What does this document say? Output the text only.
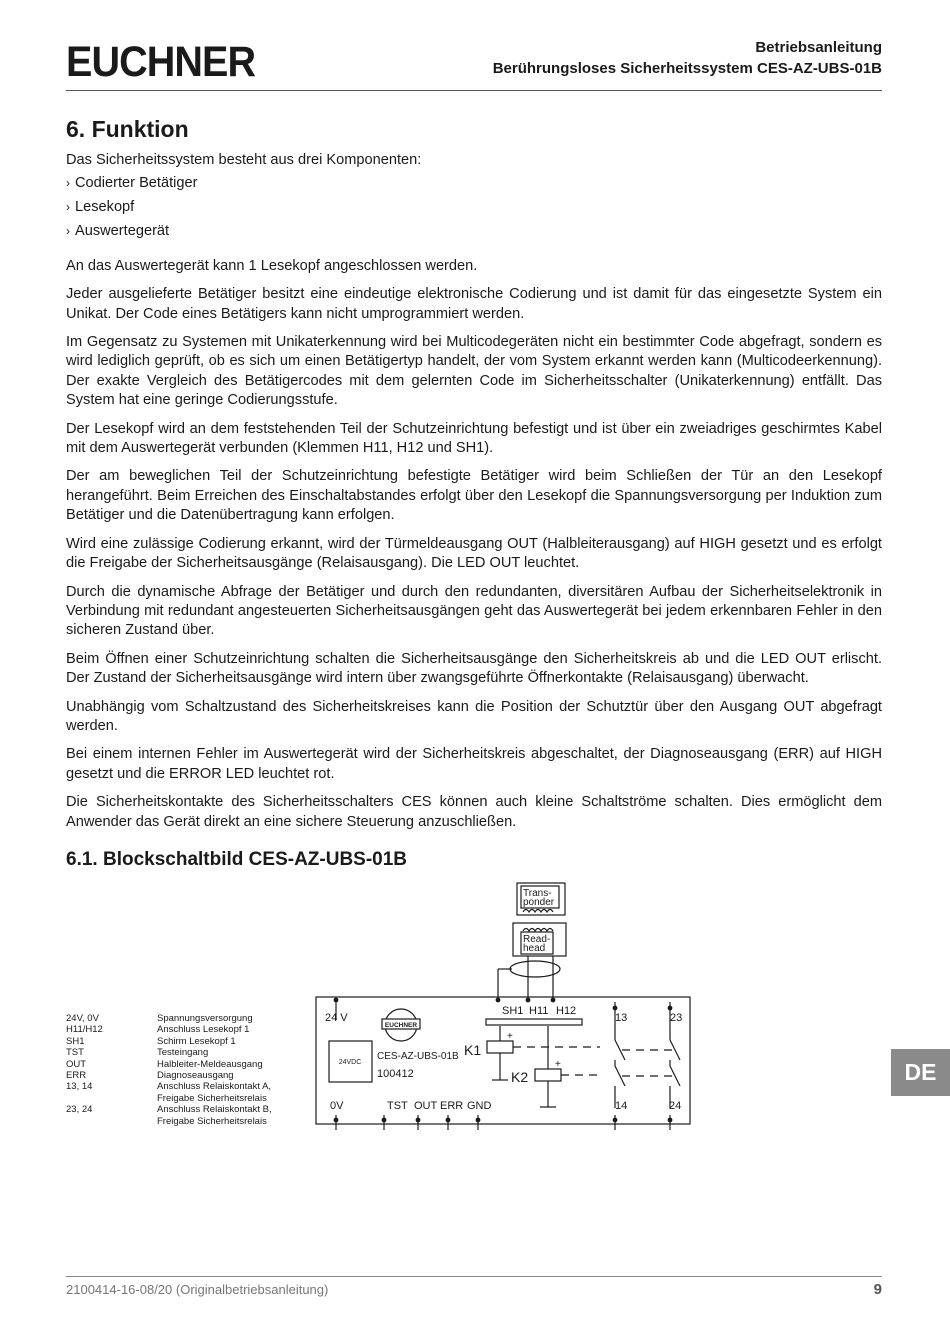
EUCHNER	Betriebsanleitung
Berührungsloses Sicherheitssystem CES-AZ-UBS-01B
6. Funktion

Das Sicherheitssystem besteht aus drei Komponenten:

› Codierter Betätiger
› Lesekopf
› Auswertegerät

An das Auswertegerät kann 1 Lesekopf angeschlossen werden.

Jeder ausgelieferte Betätiger besitzt eine eindeutige elektronische Codierung und ist damit für das eingesetzte System ein Unikat. Der Code eines Betätigers kann nicht umprogrammiert werden.

Im Gegensatz zu Systemen mit Unikaterkennung wird bei Multicodegeräten nicht ein bestimmter Code abgefragt, sondern es wird lediglich geprüft, ob es sich um einen Betätigertyp handelt, der vom System erkannt werden kann (Multicodeerkennung). Der exakte Vergleich des Betätigercodes mit dem gelernten Code im Sicherheitsschalter (Unikaterkennung) entfällt. Das System hat eine geringe Codierungsstufe.

Der Lesekopf wird an dem feststehenden Teil der Schutzeinrichtung befestigt und ist über ein zweiadriges geschirmtes Kabel mit dem Auswertegerät verbunden (Klemmen H11, H12 und SH1).

Der am beweglichen Teil der Schutzeinrichtung befestigte Betätiger wird beim Schließen der Tür an den Lesekopf herangeführt. Beim Erreichen des Einschaltabstandes erfolgt über den Lesekopf die Spannungsversorgung per Induktion zum Betätiger und die Datenübertragung kann erfolgen.

Wird eine zulässige Codierung erkannt, wird der Türmeldeausgang OUT (Halbleiterausgang) auf HIGH gesetzt und es erfolgt die Freigabe der Sicherheitsausgänge (Relaisausgang). Die LED OUT leuchtet.

Durch die dynamische Abfrage der Betätiger und durch den redundanten, diversitären Aufbau der Sicherheitselektronik in Verbindung mit redundant angesteuerten Sicherheitsausgängen geht das Auswertegerät bei jedem erkennbaren Fehler in den sicheren Zustand über.

Beim Öffnen einer Schutzeinrichtung schalten die Sicherheitsausgänge den Sicherheitskreis ab und die LED OUT erlischt. Der Zustand der Sicherheitsausgänge wird intern über zwangsgeführte Öffnerkontakte (Relaisausgang) überwacht.

Unabhängig vom Schaltzustand des Sicherheitskreises kann die Position der Schutztür über den Ausgang OUT abgefragt werden.

Bei einem internen Fehler im Auswertegerät wird der Sicherheitskreis abgeschaltet, der Diagnoseausgang (ERR) auf HIGH gesetzt und die ERROR LED leuchtet rot.

Die Sicherheitskontakte des Sicherheitsschalters CES können auch kleine Schaltströme schalten. Dies ermöglicht dem Anwender das Gerät direkt an eine sichere Steuerung anzuschließen.

6.1. Blockschaltbild CES-AZ-UBS-01B
24V, 0V	Spannungsversorgung
H11/H12	Anschluss Lesekopf 1
SH1	Schirm Lesekopf 1
TST	Testeingang
OUT	Halbleiter-Meldeausgang
ERR	Diagnoseausgang
13, 14	Anschluss Relaiskontakt A, Freigabe Sicherheitsrelais
23, 24	Anschluss Relaiskontakt B, Freigabe Sicherheitsrelais
Trans-
ponder
Read-
head
24 V
SH1 H11 H12
13	23
EUCHNER
24VDC
CES-AZ-UBS-01B
100412
K1
K2
+
+
0V	TST OUT ERR GND	14	24
DE
2100414-16-08/20 (Originalbetriebsanleitung)	9
